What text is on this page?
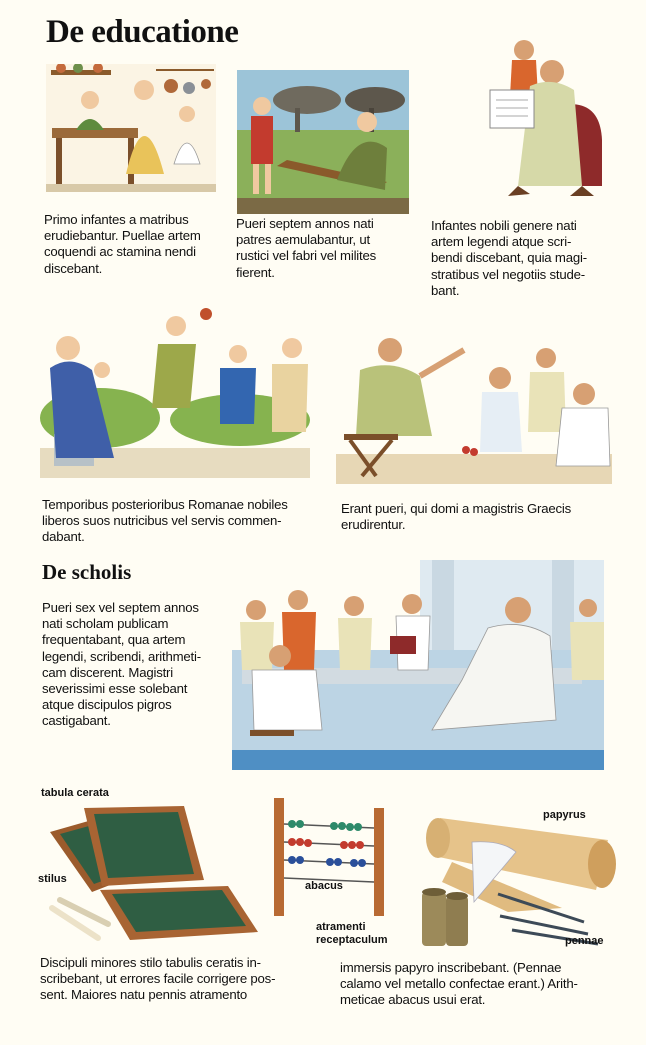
De educatione

Primo infantes a matribus
erudiebantur. Puellae artem
coquendi ac stamina nendi
discebant.

Pueri septem annos nati
patres aemulabantur, ut
rustici vel fabri vel milites
fierent.

Infantes nobili genere nati
artem legendi atque scri-
bendi discebant, quia magi-
stratibus vel negotiis stude-
bant.

Temporibus posterioribus Romanae nobiles
liberos suos nutricibus vel servis commen-
dabant.

Erant pueri, qui domi a magistris Graecis
erudirentur.

De scholis

Pueri sex vel septem annos
nati scholam publicam
frequentabant, qua artem
legendi, scribendi, arithmeti-
cam discerent. Magistri
severissimi esse solebant
atque discipulos pigros
castigabant.

tabula cerata

stilus

abacus

atramenti
receptaculum

papyrus

pennae

Discipuli minores stilo tabulis ceratis in-
scribebant, ut errores facile corrigere pos-
sent. Maiores natu pennis atramento

immersis papyro inscribebant. (Pennae
calamo vel metallo confectae erant.) Arith-
meticae abacus usui erat.
